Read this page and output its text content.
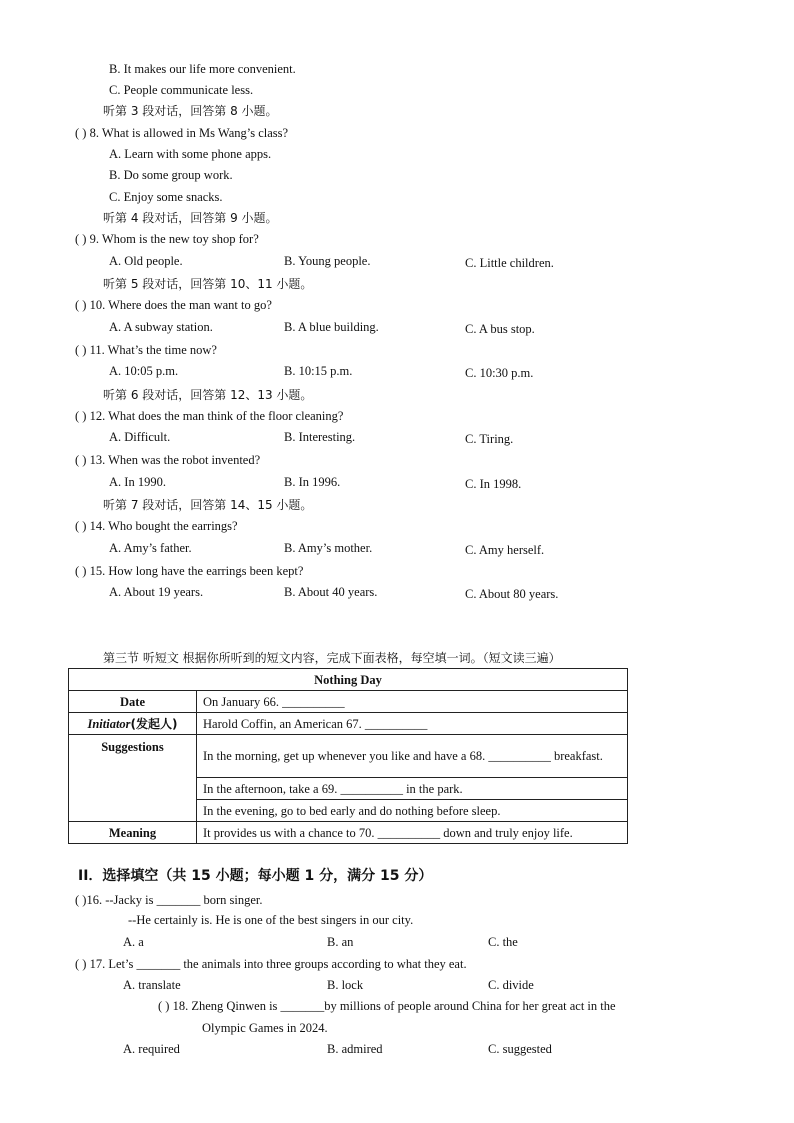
B. It makes our life more convenient.
C. People communicate less.
听第 3 段对话，回答第 8 小题。
( ) 8. What is allowed in Ms Wang’s class?
A. Learn with some phone apps.
B. Do some group work.
C. Enjoy some snacks.
听第 4 段对话，回答第 9 小题。
( ) 9. Whom is the new toy shop for?
A. Old people.	B. Young people.	C. Little children.
听第 5 段对话，回答第 10、11 小题。
( ) 10. Where does the man want to go?
A. A subway station.	B. A blue building.	C. A bus stop.
( ) 11. What’s the time now?
A. 10:05 p.m.	B. 10:15 p.m.	C. 10:30 p.m.
听第 6 段对话，回答第 12、13 小题。
( ) 12. What does the man think of the floor cleaning?
A. Difficult.	B. Interesting.	C. Tiring.
( ) 13. When was the robot invented?
A. In 1990.	B. In 1996.	C. In 1998.
听第 7 段对话，回答第 14、15 小题。
( ) 14. Who bought the earrings?
A. Amy’s father.	B. Amy’s mother.	C. Amy herself.
( ) 15. How long have the earrings been kept?
A. About 19 years.	B. About 40 years.	C. About 80 years.
第三节 听短文 根据你所听到的短文内容，完成下面表格，每空填一词。（短文读三遍）
Nothing Day	
Date	On January 66. __________
Initiator(发起人)	Harold Coffin, an American 67. __________
Suggestions	In the morning, get up whenever you like and have a 68. __________ breakfast.
	In the afternoon, take a 69. __________ in the park.
	In the evening, go to bed early and do nothing before sleep.
Meaning	It provides us with a chance to 70. __________ down and truly enjoy life.
II．选择填空（共 15 小题；每小题 1 分，满分 15 分）
( )16. --Jacky is _______ born singer.
--He certainly is. He is one of the best singers in our city.
A. a	B. an	C. the
( ) 17. Let’s _______ the animals into three groups according to what they eat.
A. translate	B. lock	C. divide
( ) 18. Zheng Qinwen is _______by millions of people around China for her great act in the
Olympic Games in 2024.
A. required	B. admired	C. suggested
